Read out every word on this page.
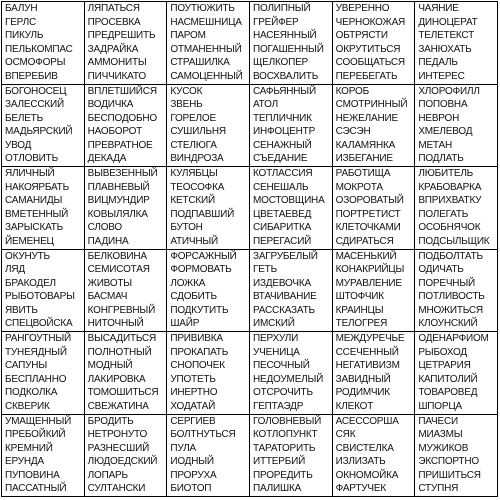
БАЛУН
ГЕРЛС
ПИКУЛЬ
ПЕЛЬКОМПАС
ОСМОФОРЫ
ВПЕРЕБИВ
ЛЯПАТЬСЯ
ПРОСЕВКА
ПРЕДРЕШИТЬ
ЗАДРАЙКА
АММОНИТЫ
ПИЧЧИКАТО
ПОУТЮЖИТЬ
НАСМЕШНИЦА
ПАРОМ
ОТМАНЕННЫЙ
СТРАШИЛКА
САМОЦЕННЫЙ
ПОЛИПНЫЙ
ГРЕЙФЕР
НАСЕЯННЫЙ
ПОГАШЕННЫЙ
ЩЕЛКОПЕР
ВОСХВАЛИТЬ
УВЕРЕННО
ЧЕРНОКОЖАЯ
ОБТРЯСТИ
ОКРУТИТЬСЯ
СООБЩАТЬСЯ
ПЕРЕБЕГАТЬ
ЧАЯНИЕ
ДИНОЦЕРАТ
ТЕЛЕТЕКСТ
ЗАНЮХАТЬ
ПЕДАЛЬ
ИНТЕРЕС
БОГОНОСЕЦ
ЗАЛЕССКИЙ
БЕЛЕТЬ
МАДЬЯРСКИЙ
УВОД
ОТЛОВИТЬ
ВПЛЕТШИЙСЯ
ВОДИЧКА
БЕСПОДОБНО
НАОБОРОТ
ПРЕВРАТНОЕ
ДЕКАДА
КУСОК
ЗВЕНЬ
ГОРЕЛОЕ
СУШИЛЬНЯ
СТЕЛЮГА
ВИНДРОЗА
САФЬЯННЫЙ
АТОЛ
ТЕПЛИЧНИК
ИНФОЦЕНТР
СЕНАЖНЫЙ
СЪЕДАНИЕ
КОРОБ
СМОТРИННЫЙ
НЕЖЕЛАНИЕ
СЭСЭН
КАЛАМЯНКА
ИЗБЕГАНИЕ
ХЛОРОФИЛЛ
ПОПОВНА
НЕВРОН
ХМЕЛЕВОД
МЕТАН
ПОДЛАТЬ
ЯЛИЧНЫЙ
НАКОЯРБАТЬ
САМАНИДЫ
ВМЕТЕННЫЙ
ЗАРЫСКАТЬ
ЙЕМЕНЕЦ
ВЫВЕЗЕННЫЙ
ПЛАВНЕВЫЙ
ВИЦМУНДИР
КОВЫЛЯЛКА
СЛОВО
ПАДИНА
КУЛЯБЦЫ
ТЕОСОФКА
КЕТСКИЙ
ПОДПАВШИЙ
БУТОН
АТИЧНЫЙ
КОТЛАССИЯ
СЕНЕШАЛЬ
МОСТОВЩИНА
ЦВЕТАЕВЕД
СИБАРИТКА
ПЕРЕГАСИЙ
РАБОТИЩА
МОКРОТА
ОЗОРОВАТЫЙ
ПОРТРЕТИСТ
КЛЕТОЧКАМИ
СДИРАТЬСЯ
ЛЮБИТЕЛЬ
КРАБОВАРКА
ВПРИХВАТКУ
ПОЛЕГАТЬ
ОСОБНЯЧОК
ПОДСЫЛЬЩИК
ОКУНУТЬ
ЛЯД
БРАКОДЕЛ
РЫБОТОВАРЫ
ЯВИТЬ
СПЕЦВОЙСКА
БЕЛКОВИНА
СЕМИСОТАЯ
ЖИВОТЫ
БАСМАЧ
КОНГРЕВНЫЙ
НИТОЧНЫЙ
ФОРСАЖНЫЙ
ФОРМОВАТЬ
ЛОЖКА
СДОБИТЬ
ПОДКУТИТЬ
ШАЙР
ЗАГРУБЕЛЫЙ
ГЕТЬ
ИЗДЕВОЧКА
ВТАЧИВАНИЕ
РАССКАЗАТЬ
ИМСКИЙ
МАСЕНЬКИЙ
КОНАКРИЙЦЫ
МУРАВЛЕНИЕ
ШТОФЧИК
КРАИНЦЫ
ТЕЛОГРЕЯ
ПОДБОЛТАТЬ
ОДИЧАТЬ
ПОРЕЧНЫЙ
ПОТЛИВОСТЬ
МНОЖИТЬСЯ
КЛОУНСКИЙ
РАНГОУТНЫЙ
ТУНЕЯДНЫЙ
САПУНЫ
БЕСПЛАННО
ПОДКОЛКА
СКВЕРИК
ВЫСАДИТЬСЯ
ПОЛНОТНЫЙ
МОДНЫЙ
ЛАКИРОВКА
ТОМОШИТЬСЯ
СВЕЖАТИНА
ПРИВИВКА
ПРОКАПАТЬ
СНОПОЧЕК
УПОТЕТЬ
ИНЕРТНО
ХОДАТАЙ
ПЕРХУЛИ
УЧЕНИЦА
ПЕСОЧНЫЙ
НЕДОУМЕЛЫЙ
ОТСРОЧИТЬ
ГЕПТАЭДР
МЕЖДУРЕЧЬЕ
ССЕЧЕННЫЙ
НЕГАТИВИЗМ
ЗАВИДНЫЙ
РОДИМЧИК
КЛЕКОТ
ОДЕНАРФИОМ
РЫБОХОД
ЦЕТРАРИЯ
КАПИТОЛИЙ
ТОВАРОВЕД
ШПОРЦА
УМАЩЕННЫЙ
ПРЕБОЙКИЙ
КРЕМНИЙ
ЕРУНДА
ПУПОВИНА
ПАССАТНЫЙ
БРОДИТЬ
НЕТРОНУТО
РАЗНЕСШИЙ
ЛЮДОЕДСКИЙ
ЛОПАРЬ
СУЛТАНСКИ
СЕРГИЕВ
БОЛТНУТЬСЯ
ПУЛА
ИОДНЫЙ
ПРОРУХА
БИОТОП
ГОЛОВНЕВЫЙ
КОТЛОПУНКТ
ТАРАТОРИТЬ
ИТТЕРБИЙ
ПРОРЕДИТЬ
ПАЛИШКА
АСЕССОРША
СЯК
СВИСТЕЛКА
ИЗЛИЗАТЬ
ОКНОМОЙКА
ФАРТУЧЕК
ПАЧЕСИ
МИАЗМЫ
МУЖИКОВ
ЭКСПОРТНО
ПРИШИТЬСЯ
СТУПНЯ
